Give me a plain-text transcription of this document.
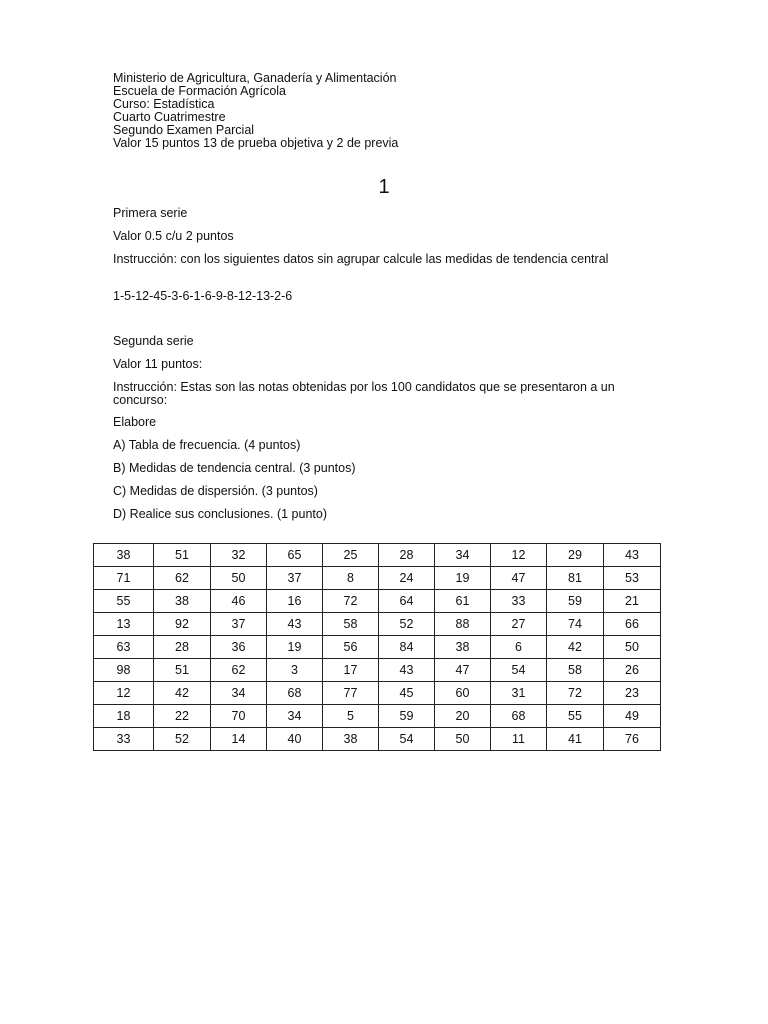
Ministerio de Agricultura, Ganadería y Alimentación
Escuela de Formación Agrícola
Curso: Estadística
Cuarto Cuatrimestre
Segundo Examen Parcial
Valor 15 puntos 13 de prueba objetiva y 2 de previa
1
Primera serie
Valor 0.5 c/u 2 puntos
Instrucción: con los siguientes datos sin agrupar calcule las medidas de tendencia central
1-5-12-45-3-6-1-6-9-8-12-13-2-6
Segunda serie
Valor 11 puntos:
Instrucción: Estas son las notas obtenidas por los 100 candidatos que se presentaron a un concurso:
Elabore
A) Tabla de frecuencia. (4 puntos)
B) Medidas de tendencia central. (3 puntos)
C) Medidas de dispersión. (3 puntos)
D) Realice sus conclusiones. (1 punto)
38	51	32	65	25	28	34	12	29	43
71	62	50	37	8	24	19	47	81	53
55	38	46	16	72	64	61	33	59	21
13	92	37	43	58	52	88	27	74	66
63	28	36	19	56	84	38	6	42	50
98	51	62	3	17	43	47	54	58	26
12	42	34	68	77	45	60	31	72	23
18	22	70	34	5	59	20	68	55	49
33	52	14	40	38	54	50	11	41	76
